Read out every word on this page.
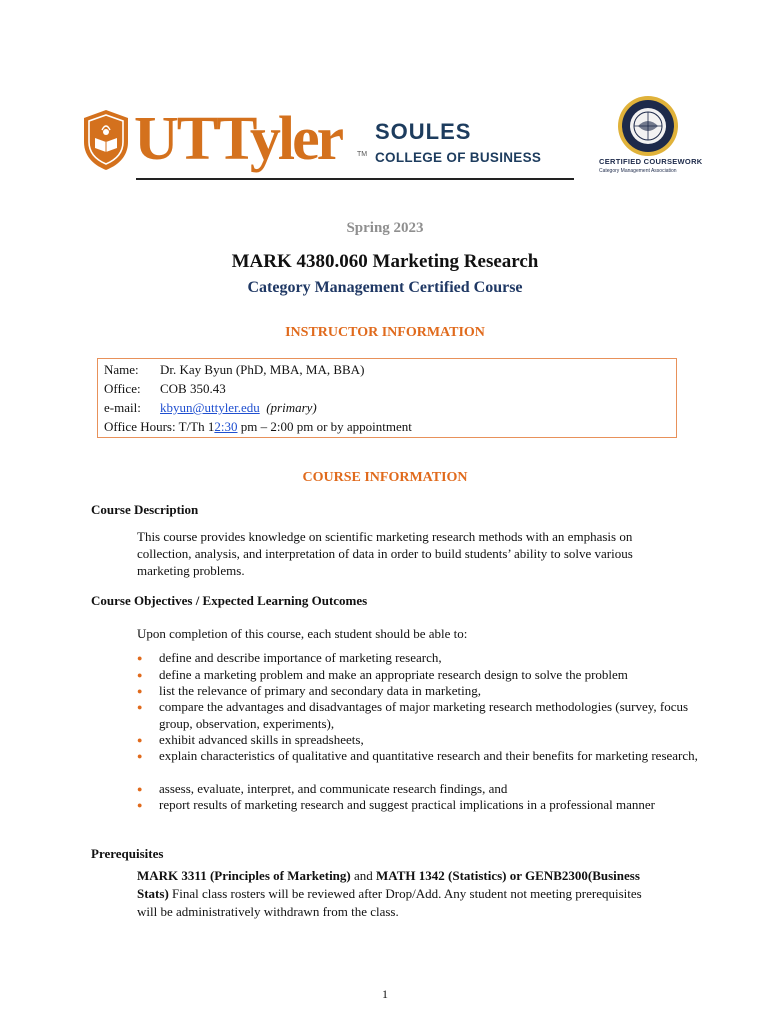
UTTyler TM
SOULES
COLLEGE OF BUSINESS	CERTIFIED COURSEWORK
Category Management Association
Spring 2023
MARK 4380.060 Marketing Research
Category Management Certified Course
INSTRUCTOR INFORMATION
Name: Dr. Kay Byun (PhD, MBA, MA, BBA)
Office: COB 350.43
e-mail: kbyun@uttyler.edu (primary)
Office Hours: T/Th 12:30 pm – 2:00 pm or by appointment
COURSE INFORMATION
Course Description
This course provides knowledge on scientific marketing research methods with an emphasis on
collection, analysis, and interpretation of data in order to build students’ ability to solve various
marketing problems.
Course Objectives / Expected Learning Outcomes
Upon completion of this course, each student should be able to:
● define and describe importance of marketing research,
● define a marketing problem and make an appropriate research design to solve the problem
● list the relevance of primary and secondary data in marketing,
● compare the advantages and disadvantages of major marketing research methodologies (survey, focus group, observation, experiments),
● exhibit advanced skills in spreadsheets,
● explain characteristics of qualitative and quantitative research and their benefits for marketing research,
● assess, evaluate, interpret, and communicate research findings, and
● report results of marketing research and suggest practical implications in a professional manner
Prerequisites
MARK 3311 (Principles of Marketing) and MATH 1342 (Statistics) or GENB2300(Business
Stats) Final class rosters will be reviewed after Drop/Add. Any student not meeting prerequisites
will be administratively withdrawn from the class.
1
